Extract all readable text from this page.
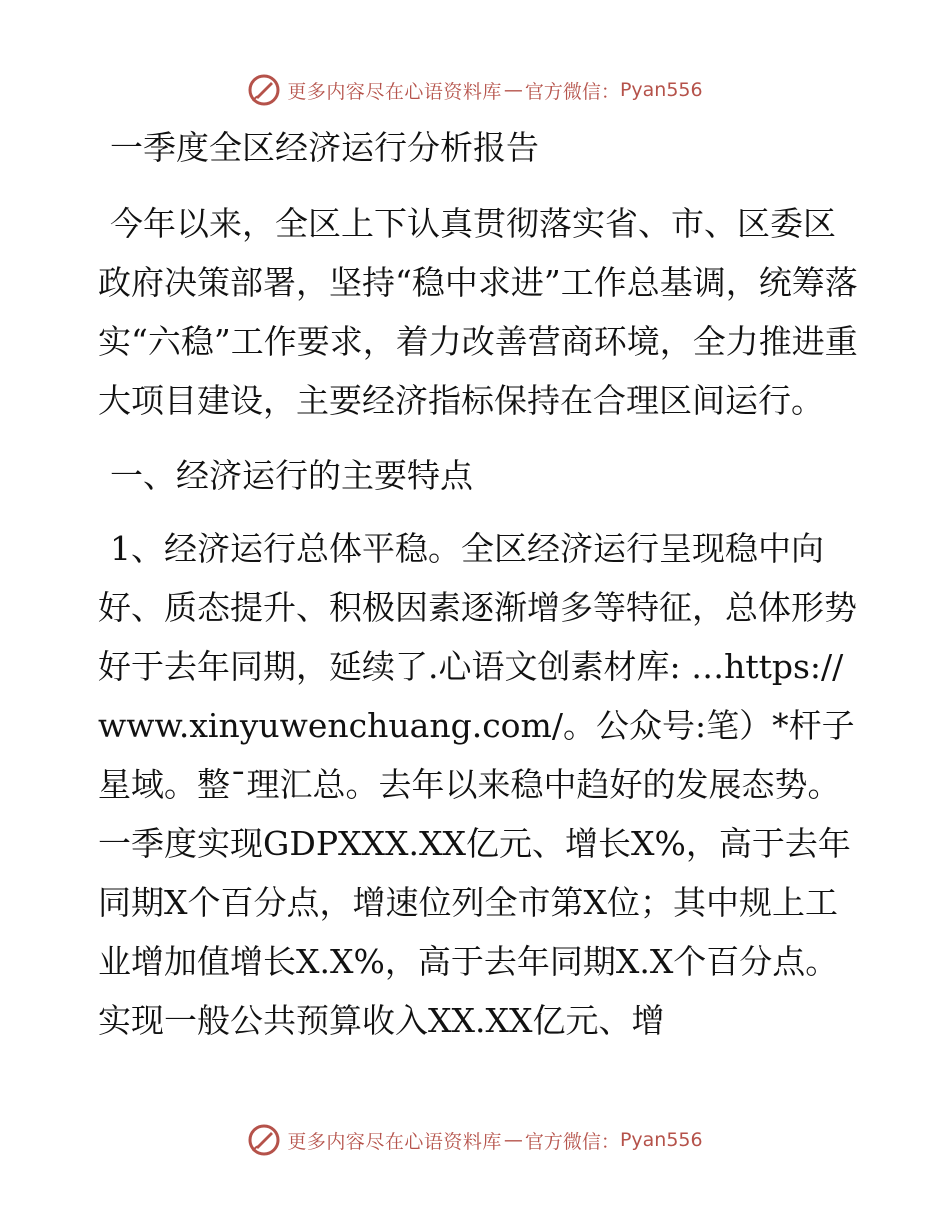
更多内容尽在心语资料库 — 官方微信： Pyan556
一季度全区经济运行分析报告

今年以来，全区上下认真贯彻落实省、市、区委区政府决策部署，坚持“稳中求进”工作总基调，统筹落实“六稳”工作要求，着力改善营商环境，全力推进重大项目建设，主要经济指标保持在合理区间运行。

一、经济运行的主要特点

1、经济运行总体平稳。全区经济运行呈现稳中向好、质态提升、积极因素逐渐增多等特征，总体形势好于去年同期，延续了.心语文创素材库: …https://www.xinyuwenchuang.com/。公众号:笔）*杆子星域。整¯理汇总。去年以来稳中趋好的发展态势。一季度实现GDPXXX.XX亿元、增长X%，高于去年同期X个百分点，增速位列全市第X位；其中规上工业增加值增长X.X%，高于去年同期X.X个百分点。实现一般公共预算收入XX.XX亿元、增

更多内容尽在心语资料库 — 官方微信： Pyan556
